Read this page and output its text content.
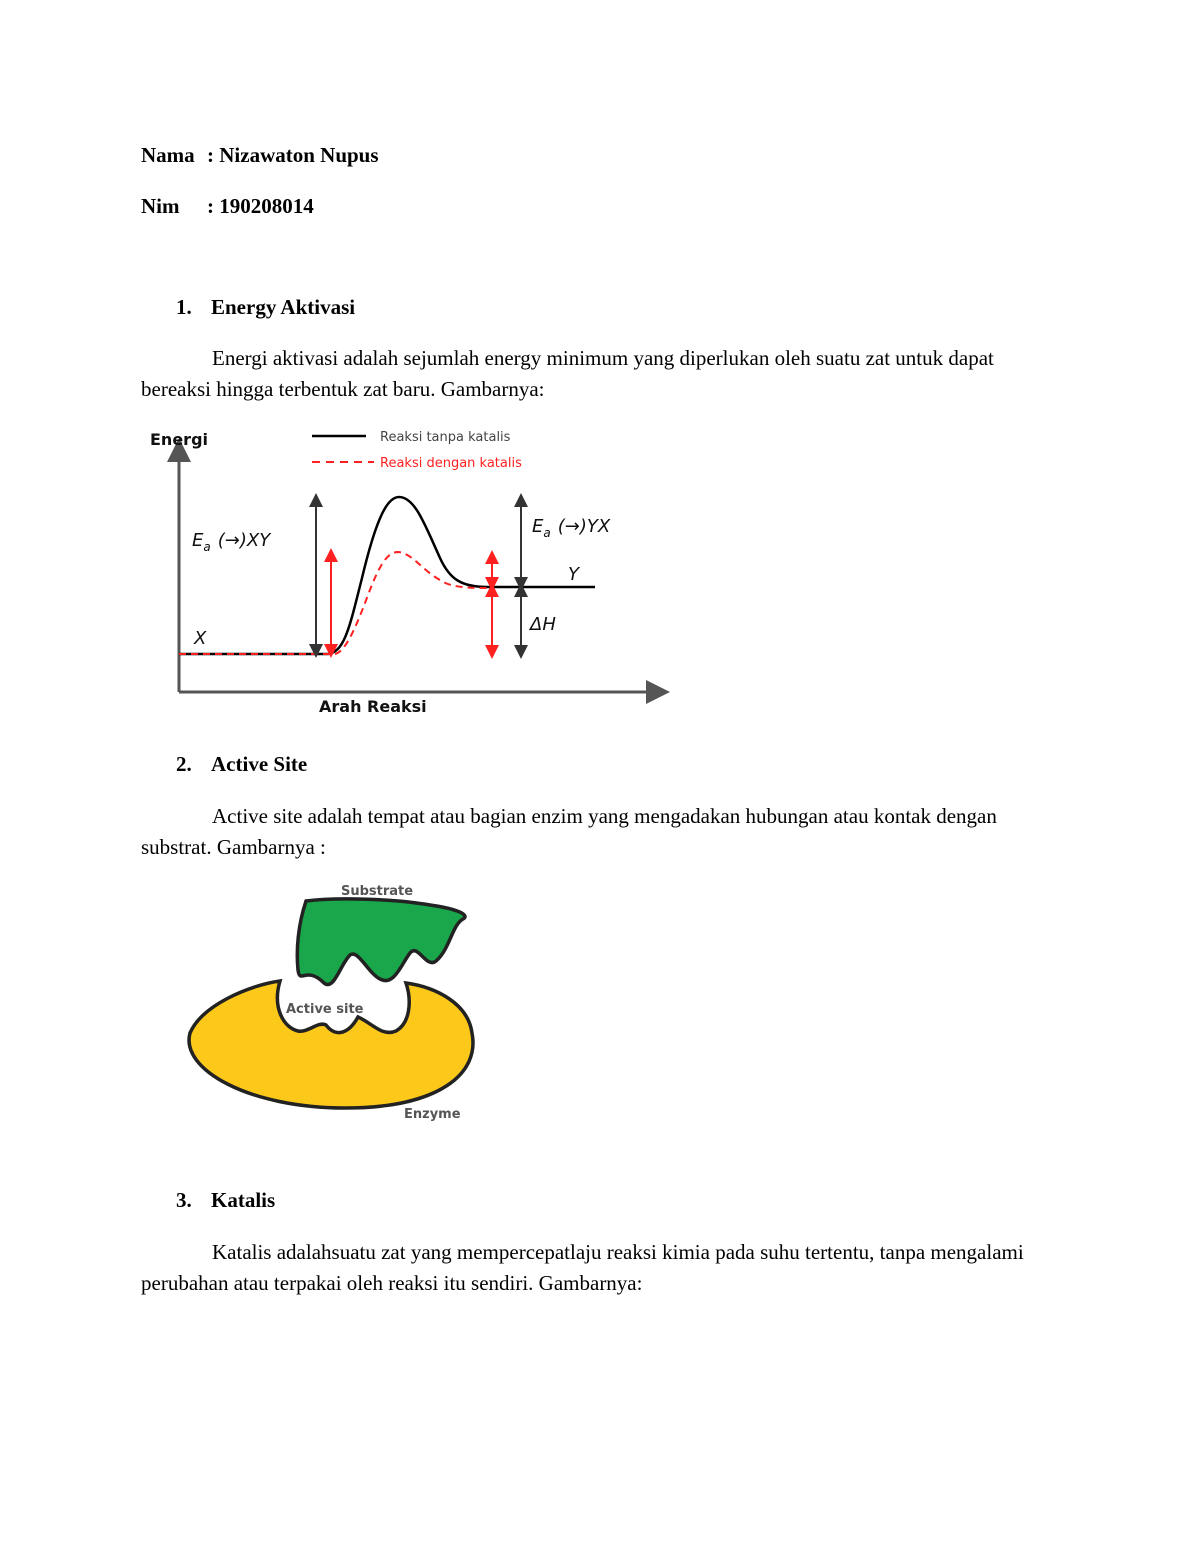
Nama : Nizawaton Nupus
Nim : 190208014
1. Energy Aktivasi
Energi aktivasi adalah sejumlah energy minimum yang diperlukan oleh suatu zat untuk dapat bereaksi hingga terbentuk zat baru. Gambarnya:
Energi
Arah Reaksi
Reaksi tanpa katalis
Reaksi dengan katalis
$E_a$ (→)XY
$E_a$ (→)YX
X
Y
ΔH
2. Active Site
Active site adalah tempat atau bagian enzim yang mengadakan hubungan atau kontak dengan substrat. Gambarnya :
Substrate
Active site
Enzyme
3. Katalis
Katalis adalahsuatu zat yang mempercepatlaju reaksi kimia pada suhu tertentu, tanpa mengalami perubahan atau terpakai oleh reaksi itu sendiri. Gambarnya:
